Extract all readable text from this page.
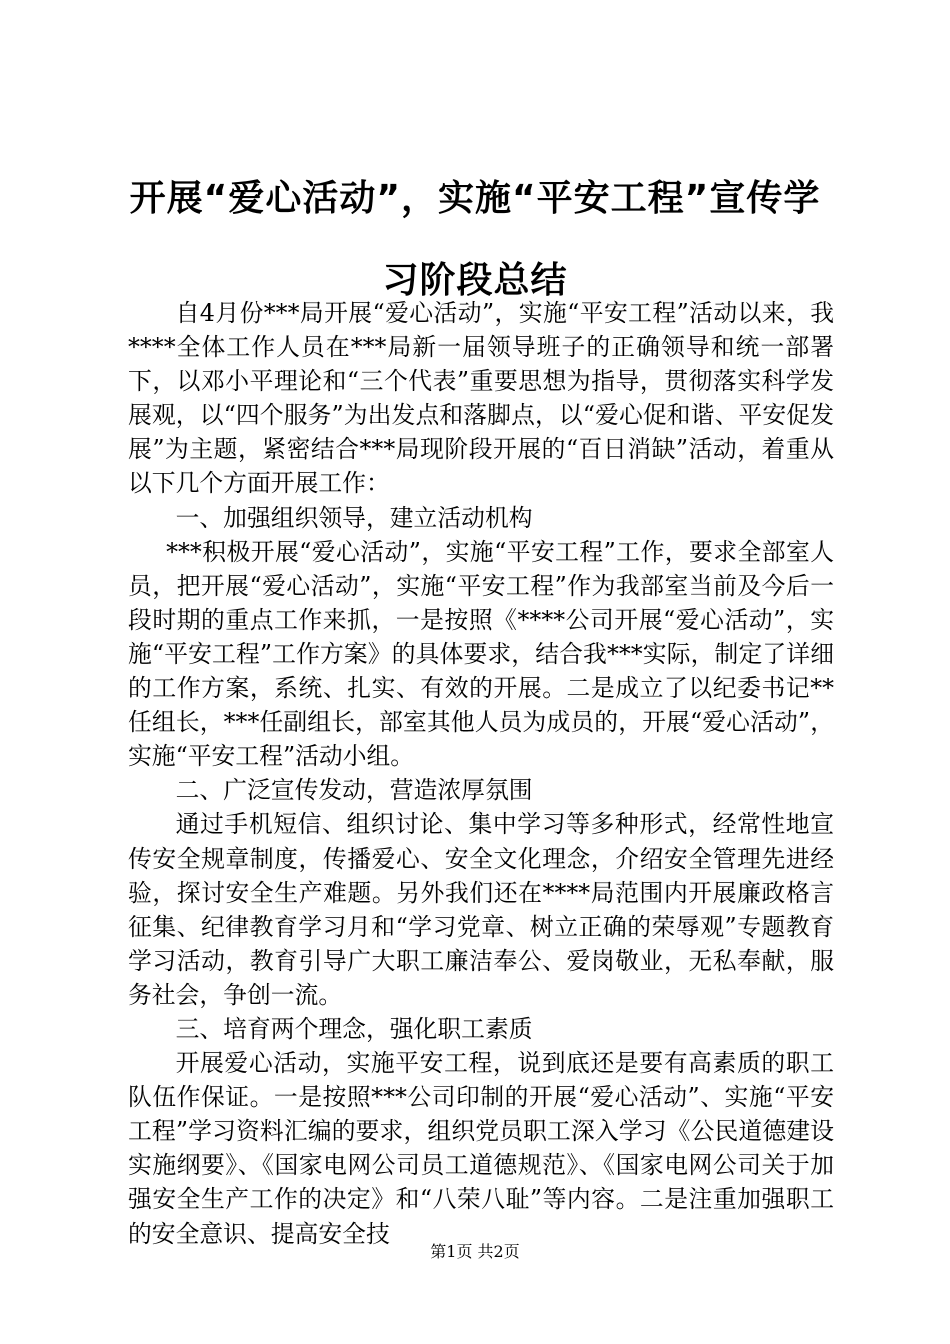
开展“爱心活动”，实施“平安工程”宣传学习阶段总结

自4月份***局开展“爱心活动”，实施“平安工程”活动以来，我****全体工作人员在***局新一届领导班子的正确领导和统一部署下，以邓小平理论和“三个代表”重要思想为指导，贯彻落实科学发展观，以“四个服务”为出发点和落脚点，以“爱心促和谐、平安促发展”为主题，紧密结合***局现阶段开展的“百日消缺”活动，着重从以下几个方面开展工作：

一、加强组织领导，建立活动机构

***积极开展“爱心活动”，实施“平安工程”工作，要求全部室人员，把开展“爱心活动”，实施“平安工程”作为我部室当前及今后一段时期的重点工作来抓，一是按照《****公司开展“爱心活动”，实施“平安工程”工作方案》的具体要求，结合我***实际，制定了详细的工作方案，系统、扎实、有效的开展。二是成立了以纪委书记**任组长，***任副组长，部室其他人员为成员的，开展“爱心活动”，实施“平安工程”活动小组。

二、广泛宣传发动，营造浓厚氛围

通过手机短信、组织讨论、集中学习等多种形式，经常性地宣传安全规章制度，传播爱心、安全文化理念，介绍安全管理先进经验，探讨安全生产难题。另外我们还在****局范围内开展廉政格言征集、纪律教育学习月和“学习党章、树立正确的荣辱观”专题教育学习活动，教育引导广大职工廉洁奉公、爱岗敬业，无私奉献，服务社会，争创一流。

三、培育两个理念，强化职工素质

开展爱心活动，实施平安工程，说到底还是要有高素质的职工队伍作保证。一是按照***公司印制的开展“爱心活动”、实施“平安工程”学习资料汇编的要求，组织党员职工深入学习《公民道德建设实施纲要》、《国家电网公司员工道德规范》、《国家电网公司关于加强安全生产工作的决定》和“八荣八耻”等内容。二是注重加强职工的安全意识、提高安全技

第1页 共2页
